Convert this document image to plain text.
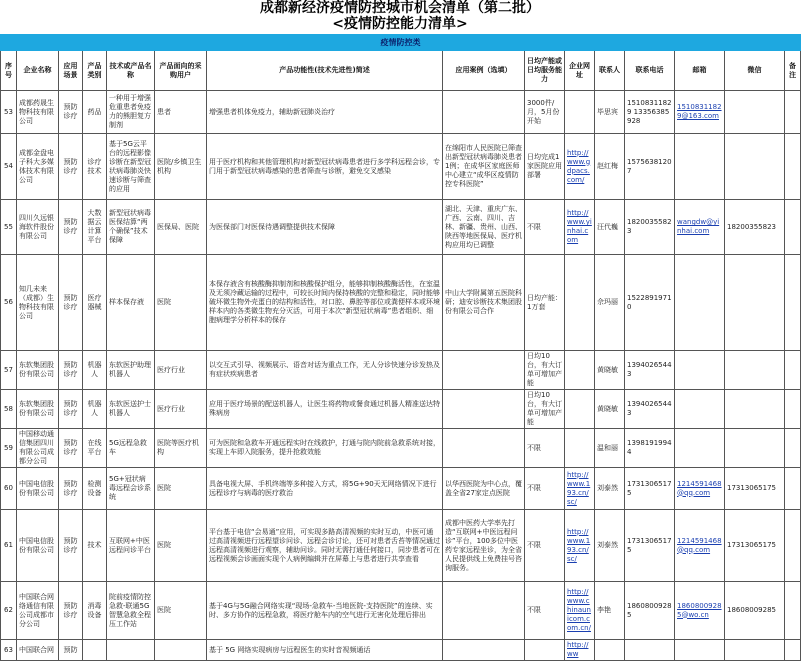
成都新经济疫情防控城市机会清单（第二批）
<疫情防控能力清单>
疫情防控类														
序号	企业名称	应用场景	产品类别	技术或产品名称	产品面向的采购用户	产品功能性(技术先进性)简述	应用案例（选填）	日均产能或日均服务能力	企业网址	联系人	联系电话	邮箱	微信	备注
53	成都药晟生物科技有限公司	预防诊疗	药品	一种用于增强危重患者免疫力的熊胆复方制剂	患者	增强患者机体免疫力，辅助新冠肺炎治疗		3000件/月，5月份开始		毕思宾	15108311829 13356385928	15108311829@163.com		
54	成都金盘电子科大多媒体技术有限公司	预防诊疗	诊疗技术	基于5G云平台的远程影像诊断在新型冠状病毒肺炎快速诊断与筛查的应用	医院/乡镇卫生机构	用于医疗机构和其他管理机构对新型冠状病毒患者进行多学科远程会诊，专门用于新型冠状病毒感染的患者筛查与诊断，避免交叉感染	在绵阳市人民医院已筛查出新型冠状病毒肺炎患者1例；在成华区家庭医师中心建立“成华区疫情防控专科医院”	日均完成1家医院应用部署	http://www.gdpacs.com/	赵红梅	15756381207			
55	四川久远银海软件股份有限公司	预防诊疗	大数据云计算平台	新型冠状病毒医保结算“两个确保”技术保障	医保局、医院	为医保部门对医保待遇调整提供技术保障	湖北、天津、重庆广东、广西、云南、四川、吉林、新疆、贵州、山西、陕西等地医保局、医疗机构应用均已调整	不限	http://www.yinhai.com	汪代巍	18200355823	wangdw@yinhai.com	18200355823	
56	知几未来（成都）生物科技有限公司	预防诊疗	医疗器械	样本保存液	医院	本保存液含有核酸酶抑制剂和核酸保护组分，能够抑制核酸酶活性，在室温及无须冷藏运输的过程中，可较长时间内保持核酸的完整和稳定，同时能够破坏微生物外壳蛋白的结构和活性，对口腔、鼻腔等部位或粪便样本或环境样本内的各类微生物充分灭活，可用于本次“新型冠状病毒”患者组织、细胞病理学分析样本的保存	中山大学附属第五医院科研；迪安诊断技术集团股份有限公司合作	日均产能：1万套		佘玛丽	15228919710			
57	东软集团股份有限公司	预防诊疗	机器人	东软医护助理机器人	医疗行业	以交互式引导、视频展示、语音对话为重点工作，无人分诊快速分诊发热及有症状疾病患者		日均10台，有大订单可增加产能		黄晓敏	13940265443			
58	东软集团股份有限公司	预防诊疗	机器人	东软医送护士机器人	医疗行业	应用于医疗场景的配送机器人，让医生将药物或餐食通过机器人精准送达特殊病房		日均10台，有大订单可增加产能		黄晓敏	13940265443			
59	中国移动通信集团四川有限公司成都分公司	预防诊疗	在线平台	5G远程急救车	医院等医疗机构	可为医院和急救车开通远程实时在线救护，打通与院内院前急救系统对接，实现上车即入院服务，提升抢救效能		不限		温和丽	13981919944			
60	中国电信股份有限公司	预防诊疗	检测设备	5G+冠状病毒远程会诊系统	医院	具备电视大屏、手机终端等多种接入方式，将5G+90天无网络情况下进行远程诊疗与病毒的医疗救治	以华西医院为中心点，覆盖全省27家定点医院	不限	http://www.193.cn/sc/	刘泰然	17313065175	1214591468@qq.com	17313065175	
61	中国电信股份有限公司	预防诊疗	技术	互联网+中医远程问诊平台	医院	平台基于电信“会易通”应用，可实现多路高清视频的实时互动，中医可通过高清视频进行远程望诊问诊、远程会诊讨论，还可对患者舌苔等情况通过远程高清视频进行观察，辅助问诊。同时无需打通任何接口，同步患者可在远程视频会诊画面实现个人病例编辑并在屏幕上与患者进行共享查看	成都中医药大学率先打造“互联网+中医远程问诊”平台，100多位中医药专家远程坐诊，为全省人民提供线上免费挂号咨询服务。	不限	http://www.193.cn/sc/	刘泰然	17313065175	1214591468@qq.com	17313065175	
62	中国联合网络通信有限公司成都市分公司	预防诊疗	消毒设备	院前疫情防控急救-联通5G智慧急救全程压工作站	医院	基于4G与5G融合网络实现“现场-急救车-当地医院-支持医院”的连续、实时、多方协作的远程急救，将医疗舱车内的空气进行无害化处理后排出		不限	http://www.chinaunicom.com.cn/	李艳	18608009285	1860800928 5@wo.cn	18608009285	
63	中国联合网	预防				基于 5G 网络实现病房与远程医生的实时音视频通话			http://ww					
